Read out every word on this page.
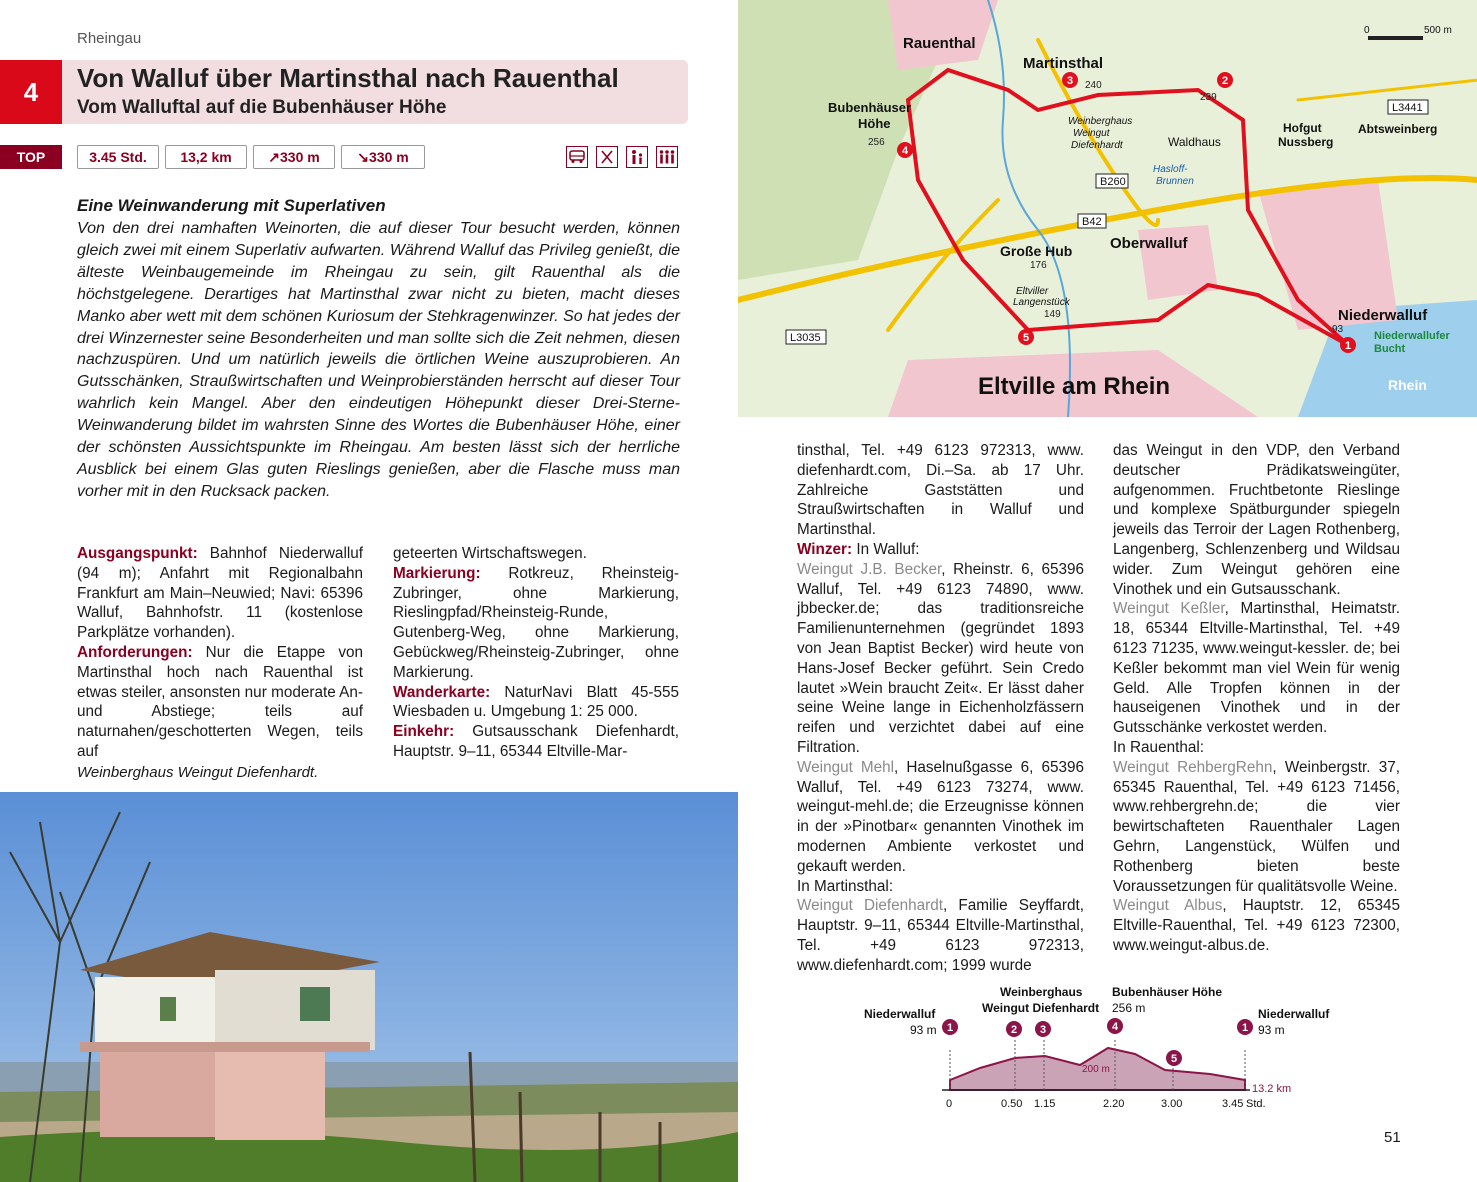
Rheingau
4	Von Walluf über Martinsthal nach Rauenthal
Vom Walluftal auf die Bubenhäuser Höhe
TOP	3.45 Std.	13,2 km	↗330 m	↘330 m
Eine Weinwanderung mit Superlativen
Von den drei namhaften Weinorten, die auf dieser Tour besucht werden, können gleich zwei mit einem Superlativ aufwarten. Während Walluf das Privileg genießt, die älteste Weinbaugemeinde im Rheingau zu sein, gilt Rauenthal als die höchstgelegene. Derartiges hat Martinsthal zwar nicht zu bieten, macht dieses Manko aber wett mit dem schönen Kuriosum der Stehkragenwinzer. So hat jedes der drei Winzernester seine Besonderheiten und man sollte sich die Zeit nehmen, diesen nachzuspüren. Und um natürlich jeweils die örtlichen Weine auszuprobieren. An Gutsschänken, Straußwirtschaften und Weinprobierständen herrscht auf dieser Tour wahrlich kein Mangel. Aber den eindeutigen Höhepunkt dieser Drei-Sterne-Weinwanderung bildet im wahrsten Sinne des Wortes die Bubenhäuser Höhe, einer der schönsten Aussichtspunkte im Rheingau. Am besten lässt sich der herrliche Ausblick bei einem Glas guten Rieslings genießen, aber die Flasche muss man vorher mit in den Rucksack packen.
Ausgangspunkt: Bahnhof Niederwalluf (94 m); Anfahrt mit Regionalbahn Frankfurt am Main–Neuwied; Navi: 65396 Walluf, Bahnhofstr. 11 (kostenlose Parkplätze vorhanden).
Anforderungen: Nur die Etappe von Martinsthal hoch nach Rauenthal ist etwas steiler, ansonsten nur moderate An- und Abstiege; teils auf naturnahen/geschotterten Wegen, teils auf
geteerten Wirtschaftswegen.
Markierung: Rotkreuz, Rheinsteig-Zubringer, ohne Markierung, Rieslingpfad/Rheinsteig-Runde, Gutenberg-Weg, ohne Markierung, Gebückweg/Rheinsteig-Zubringer, ohne Markierung.
Wanderkarte: NaturNavi Blatt 45-555 Wiesbaden u. Umgebung 1: 25 000.
Einkehr: Gutsausschank Diefenhardt, Hauptstr. 9–11, 65344 Eltville-Mar-
Weinberghaus Weingut Diefenhardt.
Rauenthal
Martinsthal
Bubenhäuser
Höhe	Hofgut
Nussberg
Abtsweinberg
Waldhaus
Große Hub	Oberwalluf
Niederwalluf
Eltville am Rhein
Weinberghaus
Weingut
Diefenhardt
Hasloff-
Brunnen
Eltviller
Langenstück
Niederwallufer
Bucht
Rhein
B260
B42
L3441
L3035
240
239
256
176
149
93
0	500 m
1
2
3
4
5
tinsthal, Tel. +49 6123 972313, www. diefenhardt.com, Di.–Sa. ab 17 Uhr. Zahlreiche Gaststätten und Straußwirtschaften in Walluf und Martinsthal.
Winzer: In Walluf:
Weingut J.B. Becker, Rheinstr. 6, 65396 Walluf, Tel. +49 6123 74890, www. jbbecker.de; das traditionsreiche Familienunternehmen (gegründet 1893 von Jean Baptist Becker) wird heute von Hans-Josef Becker geführt. Sein Credo lautet »Wein braucht Zeit«. Er lässt daher seine Weine lange in Eichenholzfässern reifen und verzichtet dabei auf eine Filtration.
Weingut Mehl, Haselnußgasse 6, 65396 Walluf, Tel. +49 6123 73274, www. weingut-mehl.de; die Erzeugnisse können in der »Pinotbar« genannten Vinothek im modernen Ambiente verkostet und gekauft werden.
In Martinsthal:
Weingut Diefenhardt, Familie Seyffardt, Hauptstr. 9–11, 65344 Eltville-Martinsthal, Tel. +49 6123 972313, www.diefenhardt.com; 1999 wurde
das Weingut in den VDP, den Verband deutscher Prädikatsweingüter, aufgenommen. Fruchtbetonte Rieslinge und komplexe Spätburgunder spiegeln jeweils das Terroir der Lagen Rothenberg, Langenberg, Schlenzenberg und Wildsau wider. Zum Weingut gehören eine Vinothek und ein Gutsausschank.
Weingut Keßler, Martinsthal, Heimatstr. 18, 65344 Eltville-Martinsthal, Tel. +49 6123 71235, www.weingut-kessler. de; bei Keßler bekommt man viel Wein für wenig Geld. Alle Tropfen können in der hauseigenen Vinothek und in der Gutsschänke verkostet werden.
In Rauenthal:
Weingut RehbergRehn, Weinbergstr. 37, 65345 Rauenthal, Tel. +49 6123 71456, www.rehbergrehn.de; die vier bewirtschafteten Rauenthaler Lagen Gehrn, Langenstück, Wülfen und Rothenberg bieten beste Voraussetzungen für qualitätsvolle Weine.
Weingut Albus, Hauptstr. 12, 65345 Eltville-Rauenthal, Tel. +49 6123 72300, www.weingut-albus.de.
Niederwalluf
93 m
Weinberghaus
Weingut Diefenhardt
Bubenhäuser Höhe
256 m	Niederwalluf
93 m
1	2 3	4
5
1
200 m
13.2 km
0	0.50 1.15	2.20	3.00	3.45 Std.
51
